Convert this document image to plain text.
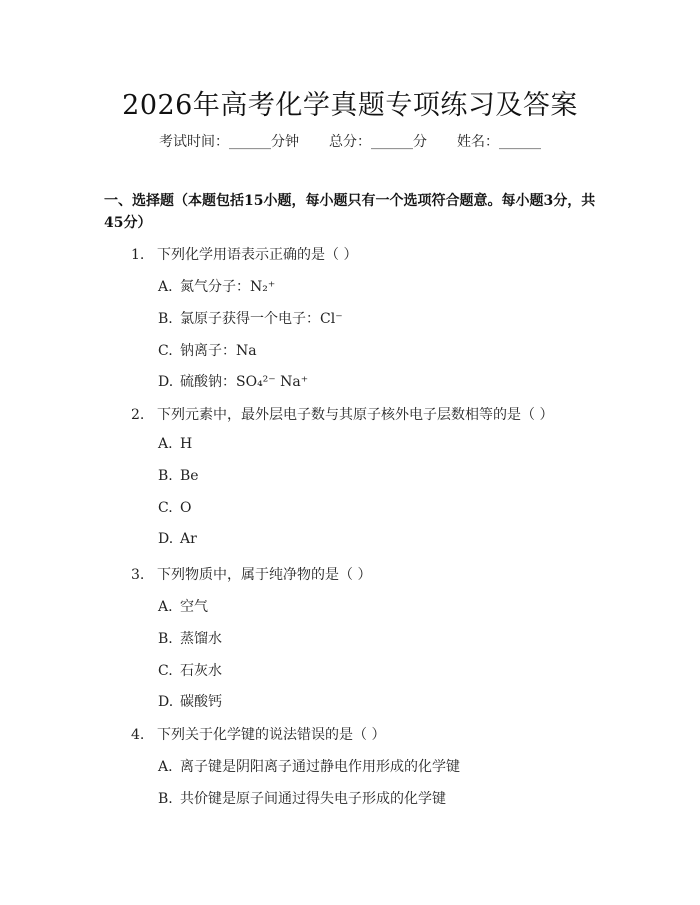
2026年高考化学真题专项练习及答案
考试时间：______分钟 总分：______分 姓名：______
一、选择题（本题包括15小题，每小题只有一个选项符合题意。每小题3分，共45分）
1. 下列化学用语表示正确的是（ ）
A. 氮气分子：N₂⁺
B. 氯原子获得一个电子：Cl⁻
C. 钠离子：Na
D. 硫酸钠：SO₄²⁻ Na⁺
2. 下列元素中，最外层电子数与其原子核外电子层数相等的是（ ）
A. H
B. Be
C. O
D. Ar
3. 下列物质中，属于纯净物的是（ ）
A. 空气
B. 蒸馏水
C. 石灰水
D. 碳酸钙
4. 下列关于化学键的说法错误的是（ ）
A. 离子键是阴阳离子通过静电作用形成的化学键
B. 共价键是原子间通过得失电子形成的化学键
